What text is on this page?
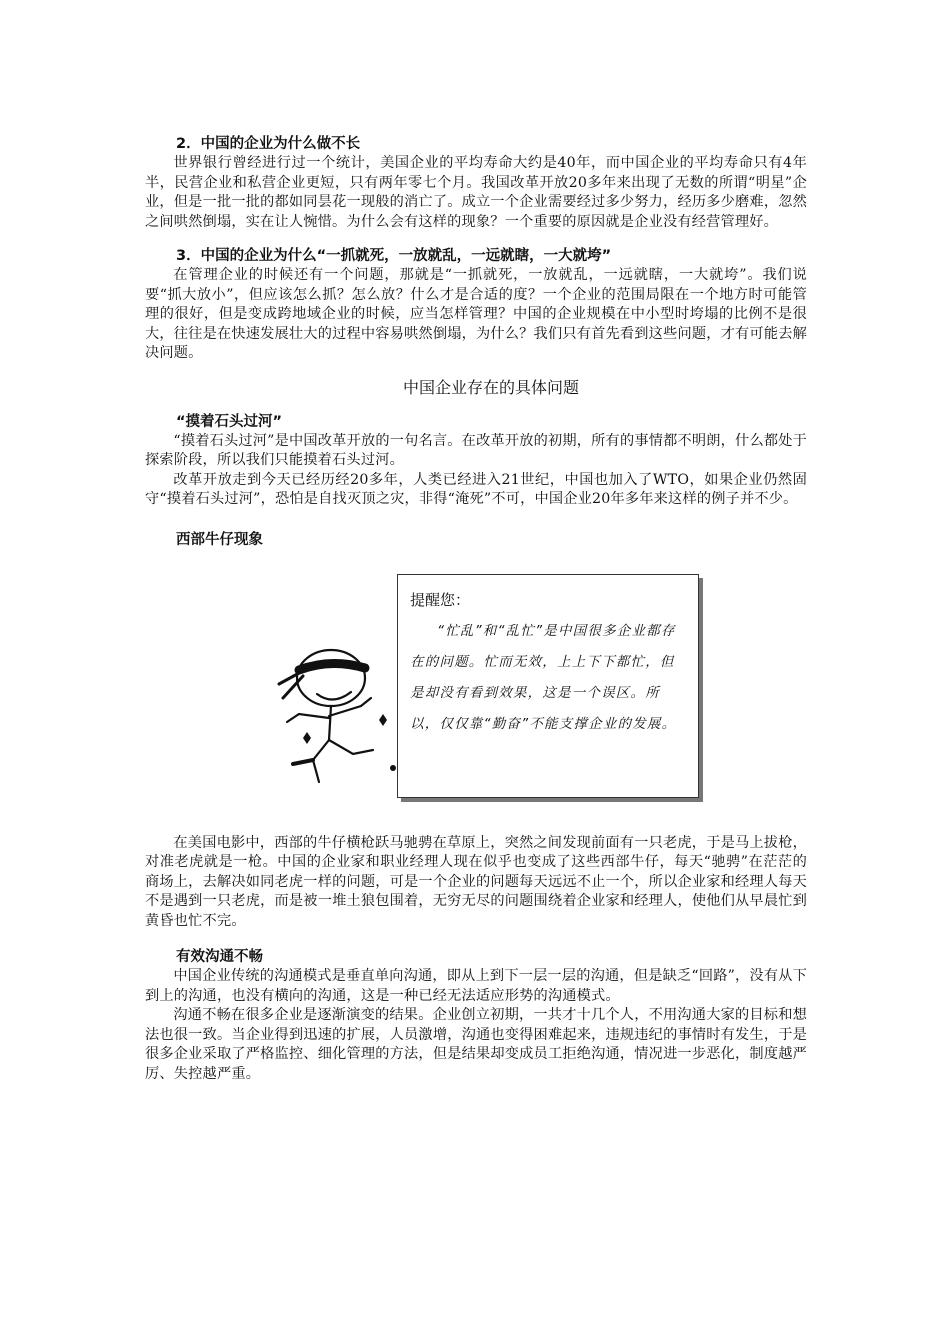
2．中国的企业为什么做不长

世界银行曾经进行过一个统计，美国企业的平均寿命大约是40年，而中国企业的平均寿命只有4年半，民营企业和私营企业更短，只有两年零七个月。我国改革开放20多年来出现了无数的所谓“明星”企业，但是一批一批的都如同昙花一现般的消亡了。成立一个企业需要经过多少努力，经历多少磨难，忽然之间哄然倒塌，实在让人惋惜。为什么会有这样的现象？一个重要的原因就是企业没有经营管理好。

3．中国的企业为什么“一抓就死，一放就乱，一远就瞎，一大就垮”

在管理企业的时候还有一个问题，那就是“一抓就死，一放就乱，一远就瞎，一大就垮”。我们说要“抓大放小”，但应该怎么抓？怎么放？什么才是合适的度？一个企业的范围局限在一个地方时可能管理的很好，但是变成跨地域企业的时候，应当怎样管理？中国的企业规模在中小型时垮塌的比例不是很大，往往是在快速发展壮大的过程中容易哄然倒塌，为什么？我们只有首先看到这些问题，才有可能去解决问题。

中国企业存在的具体问题

“摸着石头过河”

“摸着石头过河”是中国改革开放的一句名言。在改革开放的初期，所有的事情都不明朗，什么都处于探索阶段，所以我们只能摸着石头过河。

改革开放走到今天已经历经20多年，人类已经进入21世纪，中国也加入了WTO，如果企业仍然固守“摸着石头过河”，恐怕是自找灭顶之灾，非得“淹死”不可，中国企业20年多年来这样的例子并不少。

西部牛仔现象
提醒您：
“忙乱”和“乱忙”是中国很多企业都存在的问题。忙而无效，上上下下都忙，但是却没有看到效果，这是一个误区。所以，仅仅靠“勤奋”不能支撑企业的发展。

在美国电影中，西部的牛仔横枪跃马驰骋在草原上，突然之间发现前面有一只老虎，于是马上拔枪，对准老虎就是一枪。中国的企业家和职业经理人现在似乎也变成了这些西部牛仔，每天“驰骋”在茫茫的商场上，去解决如同老虎一样的问题，可是一个企业的问题每天远远不止一个，所以企业家和经理人每天不是遇到一只老虎，而是被一堆土狼包围着，无穷无尽的问题围绕着企业家和经理人，使他们从早晨忙到黄昏也忙不完。

有效沟通不畅

中国企业传统的沟通模式是垂直单向沟通，即从上到下一层一层的沟通，但是缺乏“回路”，没有从下到上的沟通，也没有横向的沟通，这是一种已经无法适应形势的沟通模式。

沟通不畅在很多企业是逐渐演变的结果。企业创立初期，一共才十几个人，不用沟通大家的目标和想法也很一致。当企业得到迅速的扩展，人员激增，沟通也变得困难起来，违规违纪的事情时有发生，于是很多企业采取了严格监控、细化管理的方法，但是结果却变成员工拒绝沟通，情况进一步恶化，制度越严厉、失控越严重。
